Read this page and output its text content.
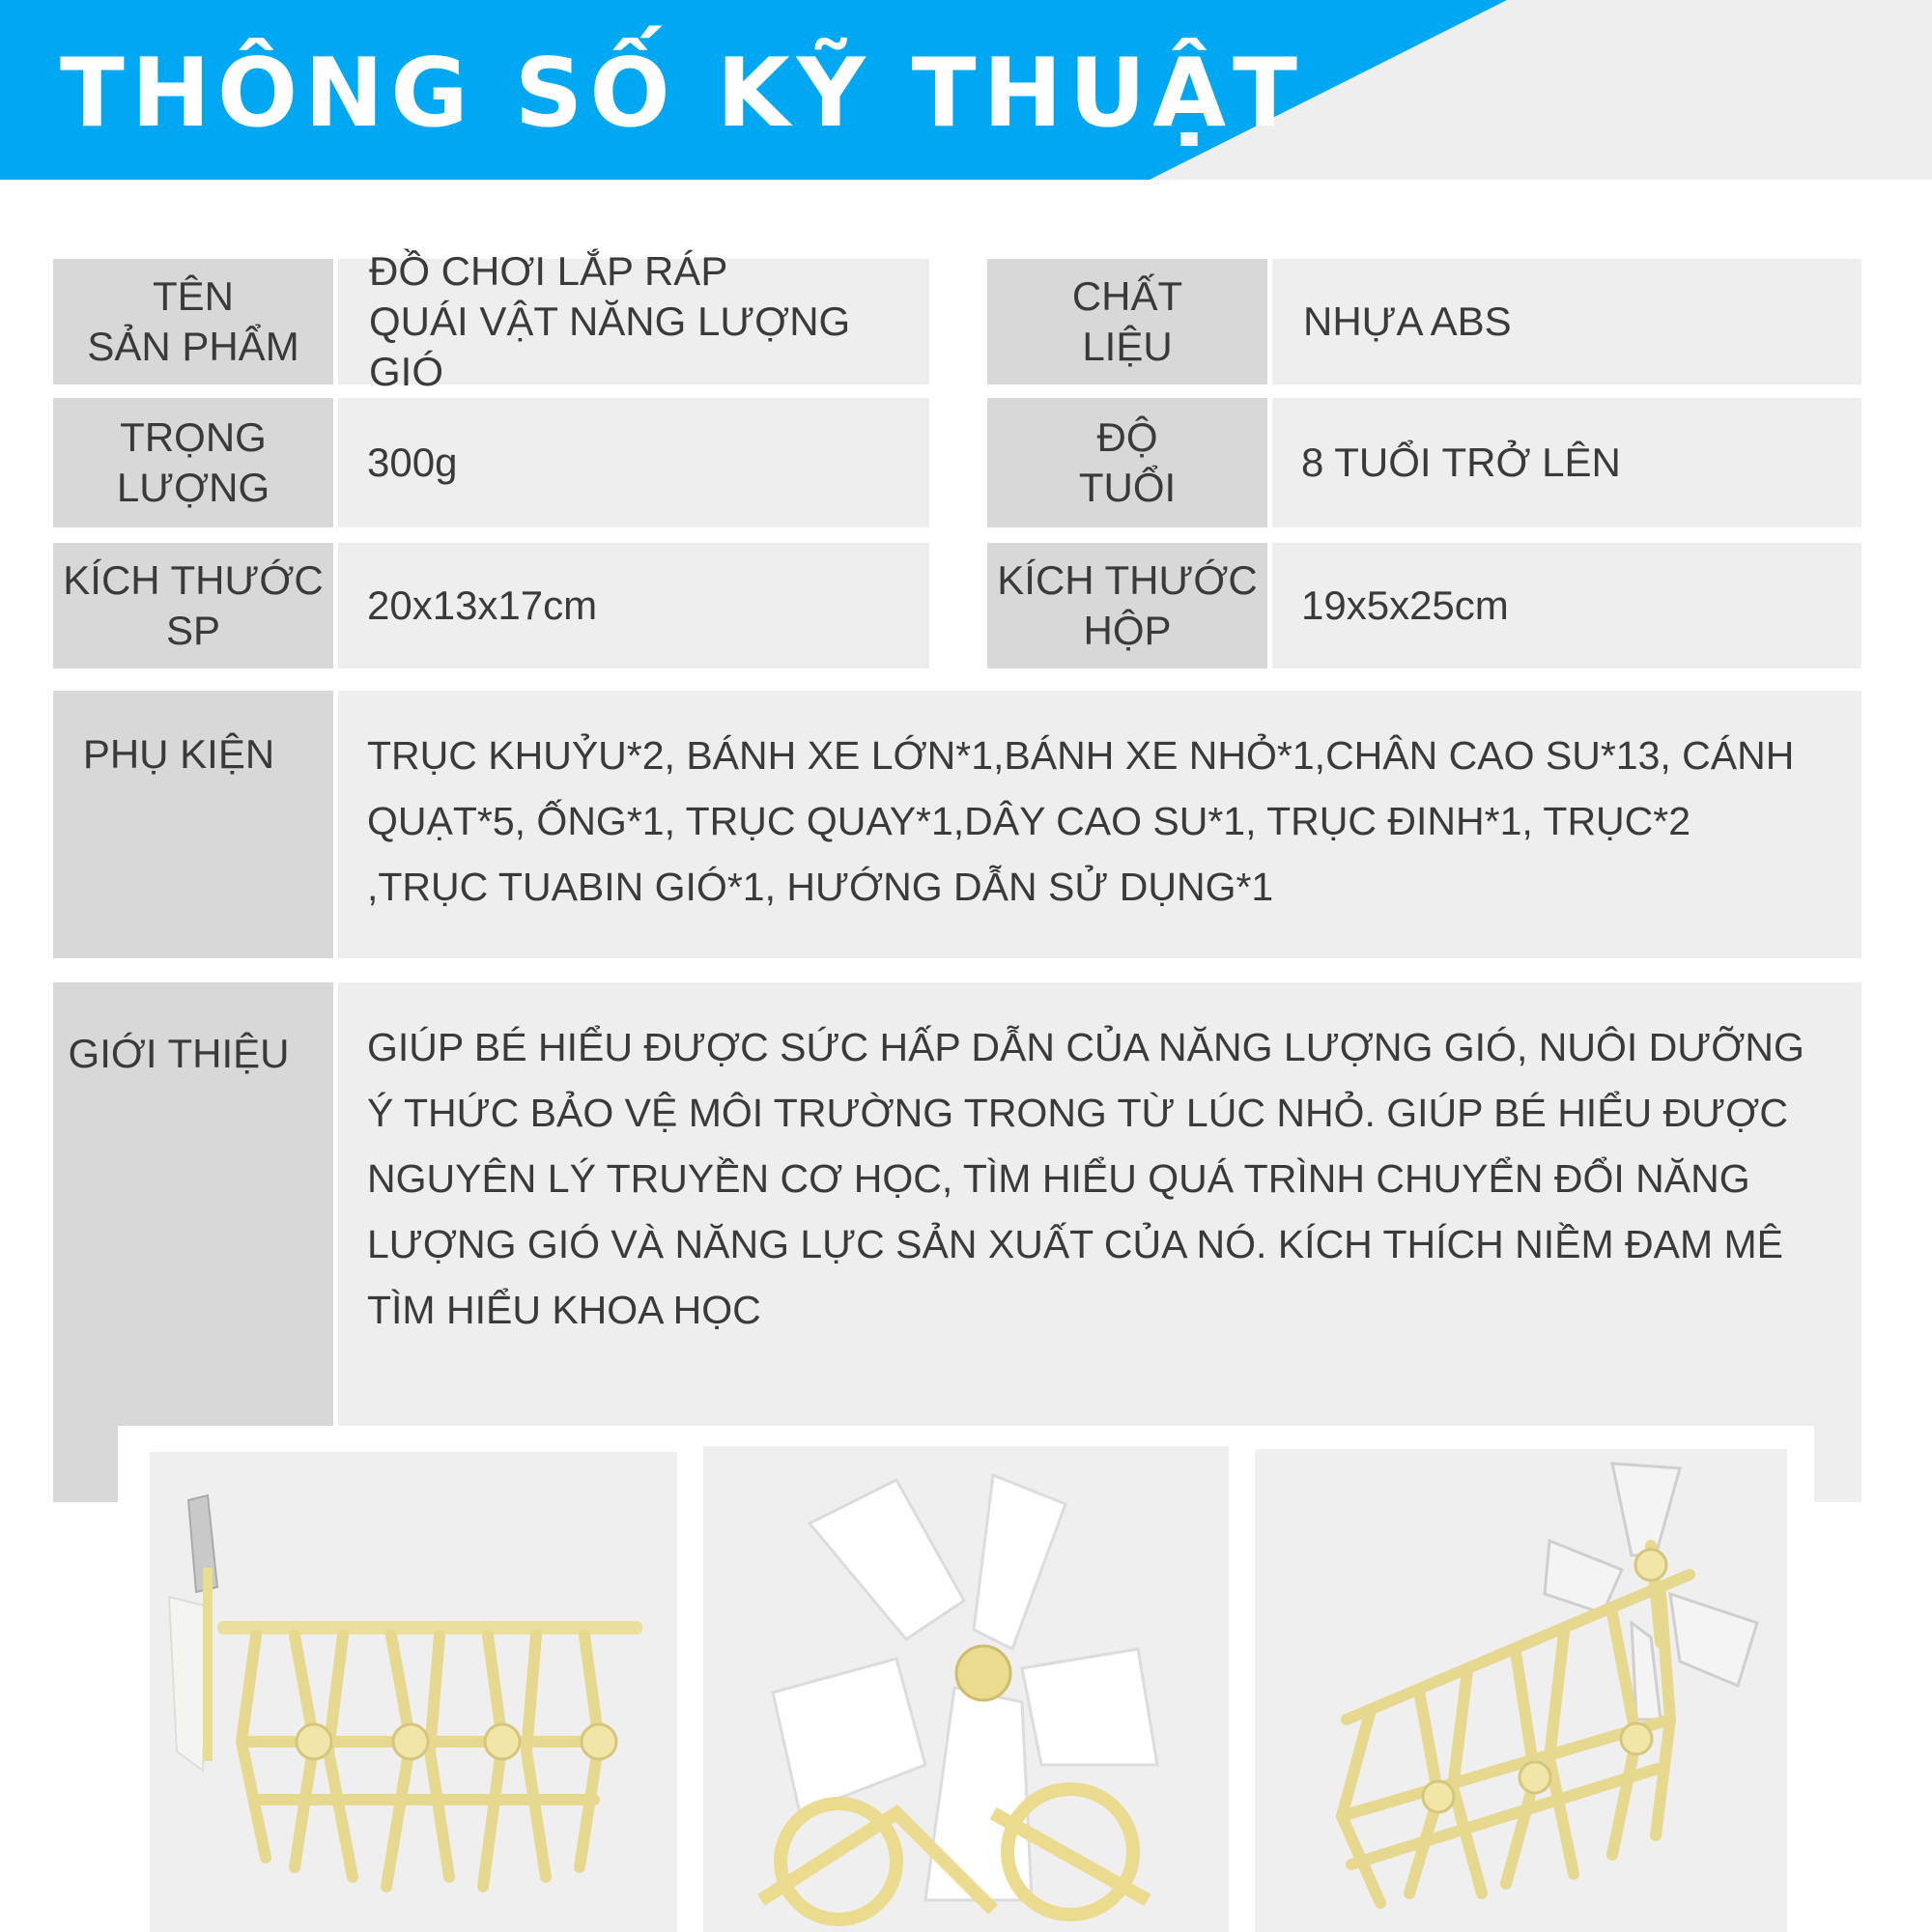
THÔNG SỐ KỸ THUẬT
TÊN
SẢN PHẨM
ĐỒ CHƠI LẮP RÁP
QUÁI VẬT NĂNG LƯỢNG GIÓ
CHẤT
LIỆU
NHỰA ABS
TRỌNG
LƯỢNG
300g
ĐỘ
TUỔI
8 TUỔI TRỞ LÊN
KÍCH THƯỚC
SP
20x13x17cm
KÍCH THƯỚC
HỘP
19x5x25cm
PHỤ KIỆN TRỤC KHUỶU*2, BÁNH XE LỚN*1,BÁNH XE NHỎ*1,CHÂN CAO SU*13, CÁNH
QUẠT*5, ỐNG*1, TRỤC QUAY*1,DÂY CAO SU*1, TRỤC ĐINH*1, TRỤC*2
,TRỤC TUABIN GIÓ*1, HƯỚNG DẪN SỬ DỤNG*1
GIỚI THIỆU GIÚP BÉ HIỂU ĐƯỢC SỨC HẤP DẪN CỦA NĂNG LƯỢNG GIÓ, NUÔI DƯỠNG
Ý THỨC BẢO VỆ MÔI TRƯỜNG TRONG TỪ LÚC NHỎ. GIÚP BÉ HIỂU ĐƯỢC
NGUYÊN LÝ TRUYỀN CƠ HỌC, TÌM HIỂU QUÁ TRÌNH CHUYỂN ĐỔI NĂNG
LƯỢNG GIÓ VÀ NĂNG LỰC SẢN XUẤT CỦA NÓ. KÍCH THÍCH NIỀM ĐAM MÊ
TÌM HIỂU KHOA HỌC
